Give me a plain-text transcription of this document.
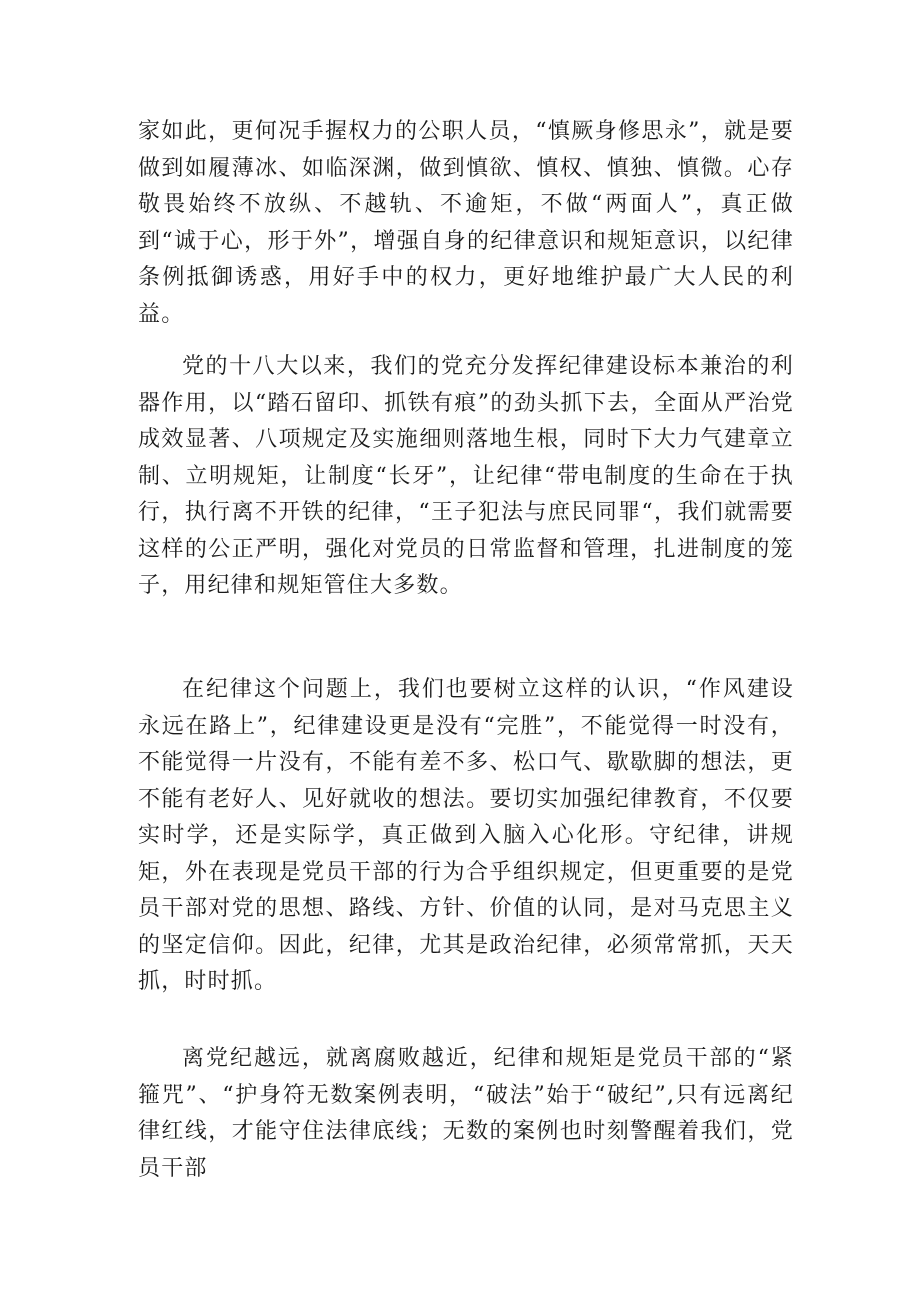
家如此，更何况手握权力的公职人员，“慎厥身修思永”，就是要做到如履薄冰、如临深渊，做到慎欲、慎权、慎独、慎微。心存敬畏始终不放纵、不越轨、不逾矩，不做“两面人”，真正做到“诚于心，形于外”，增强自身的纪律意识和规矩意识，以纪律条例抵御诱惑，用好手中的权力，更好地维护最广大人民的利益。

党的十八大以来，我们的党充分发挥纪律建设标本兼治的利器作用，以“踏石留印、抓铁有痕”的劲头抓下去，全面从严治党成效显著、八项规定及实施细则落地生根，同时下大力气建章立制、立明规矩，让制度“长牙”，让纪律“带电制度的生命在于执行，执行离不开铁的纪律，“王子犯法与庶民同罪“，我们就需要这样的公正严明，强化对党员的日常监督和管理，扎进制度的笼子，用纪律和规矩管住大多数。

在纪律这个问题上，我们也要树立这样的认识，“作风建设永远在路上”，纪律建设更是没有“完胜”，不能觉得一时没有，不能觉得一片没有，不能有差不多、松口气、歇歇脚的想法，更不能有老好人、见好就收的想法。要切实加强纪律教育，不仅要实时学，还是实际学，真正做到入脑入心化形。守纪律，讲规矩，外在表现是党员干部的行为合乎组织规定，但更重要的是党员干部对党的思想、路线、方针、价值的认同，是对马克思主义的坚定信仰。因此，纪律，尤其是政治纪律，必须常常抓，天天抓，时时抓。

离党纪越远，就离腐败越近，纪律和规矩是党员干部的“紧箍咒”、“护身符无数案例表明，“破法”始于“破纪”,只有远离纪律红线，才能守住法律底线；无数的案例也时刻警醒着我们，党员干部
